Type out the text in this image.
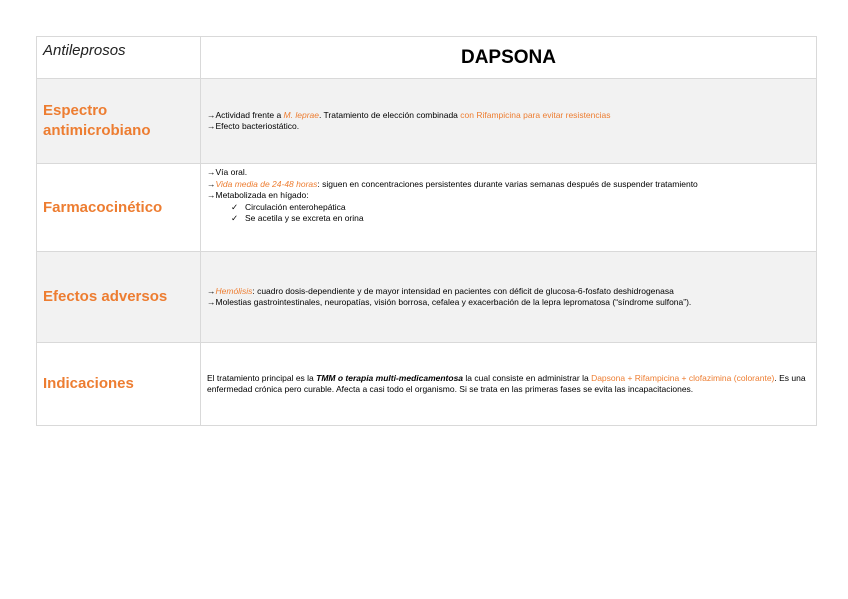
Antileprosos	DAPSONA

Espectro
antimicrobiano	→Actividad frente a M. leprae. Tratamiento de elección combinada con Rifampicina para evitar resistencias
→Efecto bacteriostático.

Farmacocinético	→Vía oral.
→Vida media de 24-48 horas: siguen en concentraciones persistentes durante varias semanas después de suspender tratamiento
→Metabolizada en hígado:
✓ Circulación enterohepática
✓ Se acetila y se excreta en orina

Efectos adversos	→Hemólisis: cuadro dosis-dependiente y de mayor intensidad en pacientes con déficit de glucosa-6-fosfato deshidrogenasa
→Molestias gastrointestinales, neuropatías, visión borrosa, cefalea y exacerbación de la lepra lepromatosa (“síndrome sulfona”).

Indicaciones	El tratamiento principal es la TMM o terapia multi-medicamentosa la cual consiste en administrar la Dapsona + Rifampicina + clofazimina (colorante). Es una enfermedad crónica pero curable. Afecta a casi todo el organismo. Si se trata en las primeras fases se evita las incapacitaciones.
